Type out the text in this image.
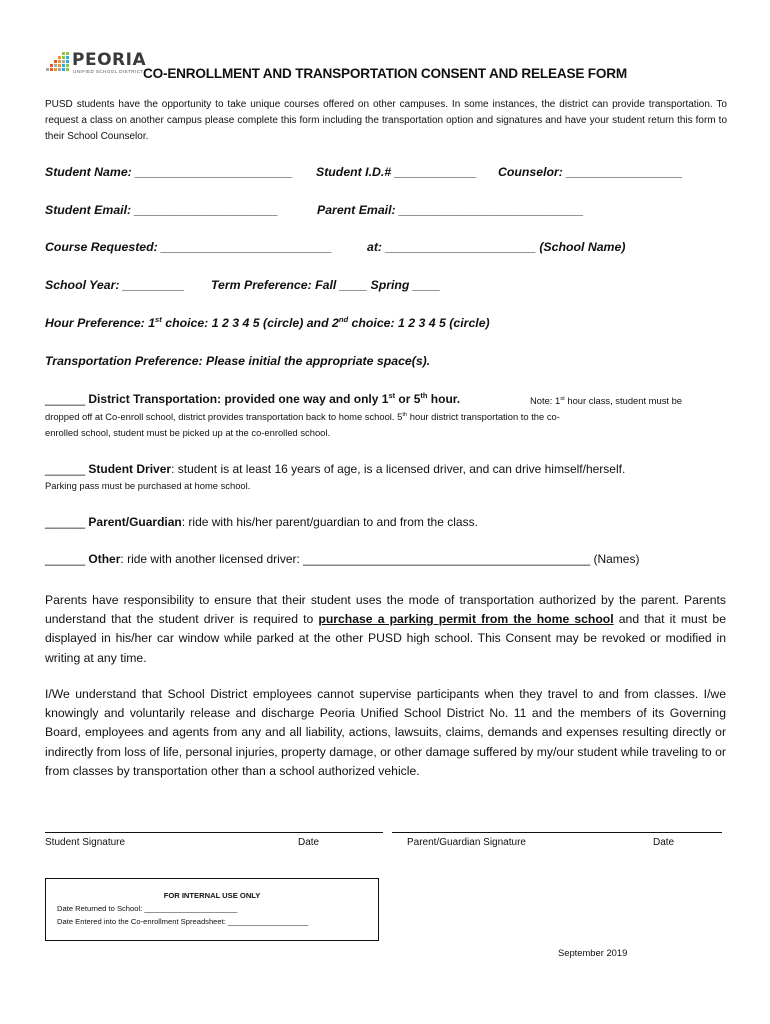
PEORIA
UNIFIED SCHOOL DISTRICT CO-ENROLLMENT AND TRANSPORTATION CONSENT AND RELEASE FORM
PUSD students have the opportunity to take unique courses offered on other campuses. In some instances, the district can provide transportation. To request a class on another campus please complete this form including the transportation option and signatures and have your student return this form to their School Counselor.
Student Name: _______________________ Student I.D.# ____________ Counselor: _________________
Student Email: _____________________	Parent Email: ___________________________
Course Requested: _________________________	at: ______________________ (School Name)
School Year: _________ Term Preference: Fall ____ Spring ____
Hour Preference: 1st choice: 1 2 3 4 5 (circle) and 2nd choice: 1 2 3 4 5 (circle)
Transportation Preference: Please initial the appropriate space(s).
______ District Transportation: provided one way and only 1st or 5th hour.	Note: 1st hour class, student must be
dropped off at Co-enroll school, district provides transportation back to home school. 5th hour district transportation to the co-
enrolled school, student must be picked up at the co-enrolled school.
______ Student Driver: student is at least 16 years of age, is a licensed driver, and can drive himself/herself.
Parking pass must be purchased at home school.
______ Parent/Guardian: ride with his/her parent/guardian to and from the class.
______ Other: ride with another licensed driver: ___________________________________________ (Names)
Parents have responsibility to ensure that their student uses the mode of transportation authorized by the parent. Parents understand that the student driver is required to purchase a parking permit from the home school and that it must be displayed in his/her car window while parked at the other PUSD high school. This Consent may be revoked or modified in writing at any time.
I/We understand that School District employees cannot supervise participants when they travel to and from classes. I/we knowingly and voluntarily release and discharge Peoria Unified School District No. 11 and the members of its Governing Board, employees and agents from any and all liability, actions, lawsuits, claims, demands and expenses resulting directly or indirectly from loss of life, personal injuries, property damage, or other damage suffered by my/our student while traveling to or from classes by transportation other than a school authorized vehicle.
Student Signature	Date	Parent/Guardian Signature	Date
FOR INTERNAL USE ONLY
Date Returned to School: ______________________
Date Entered into the Co-enrollment Spreadsheet: ___________________
September 2019
